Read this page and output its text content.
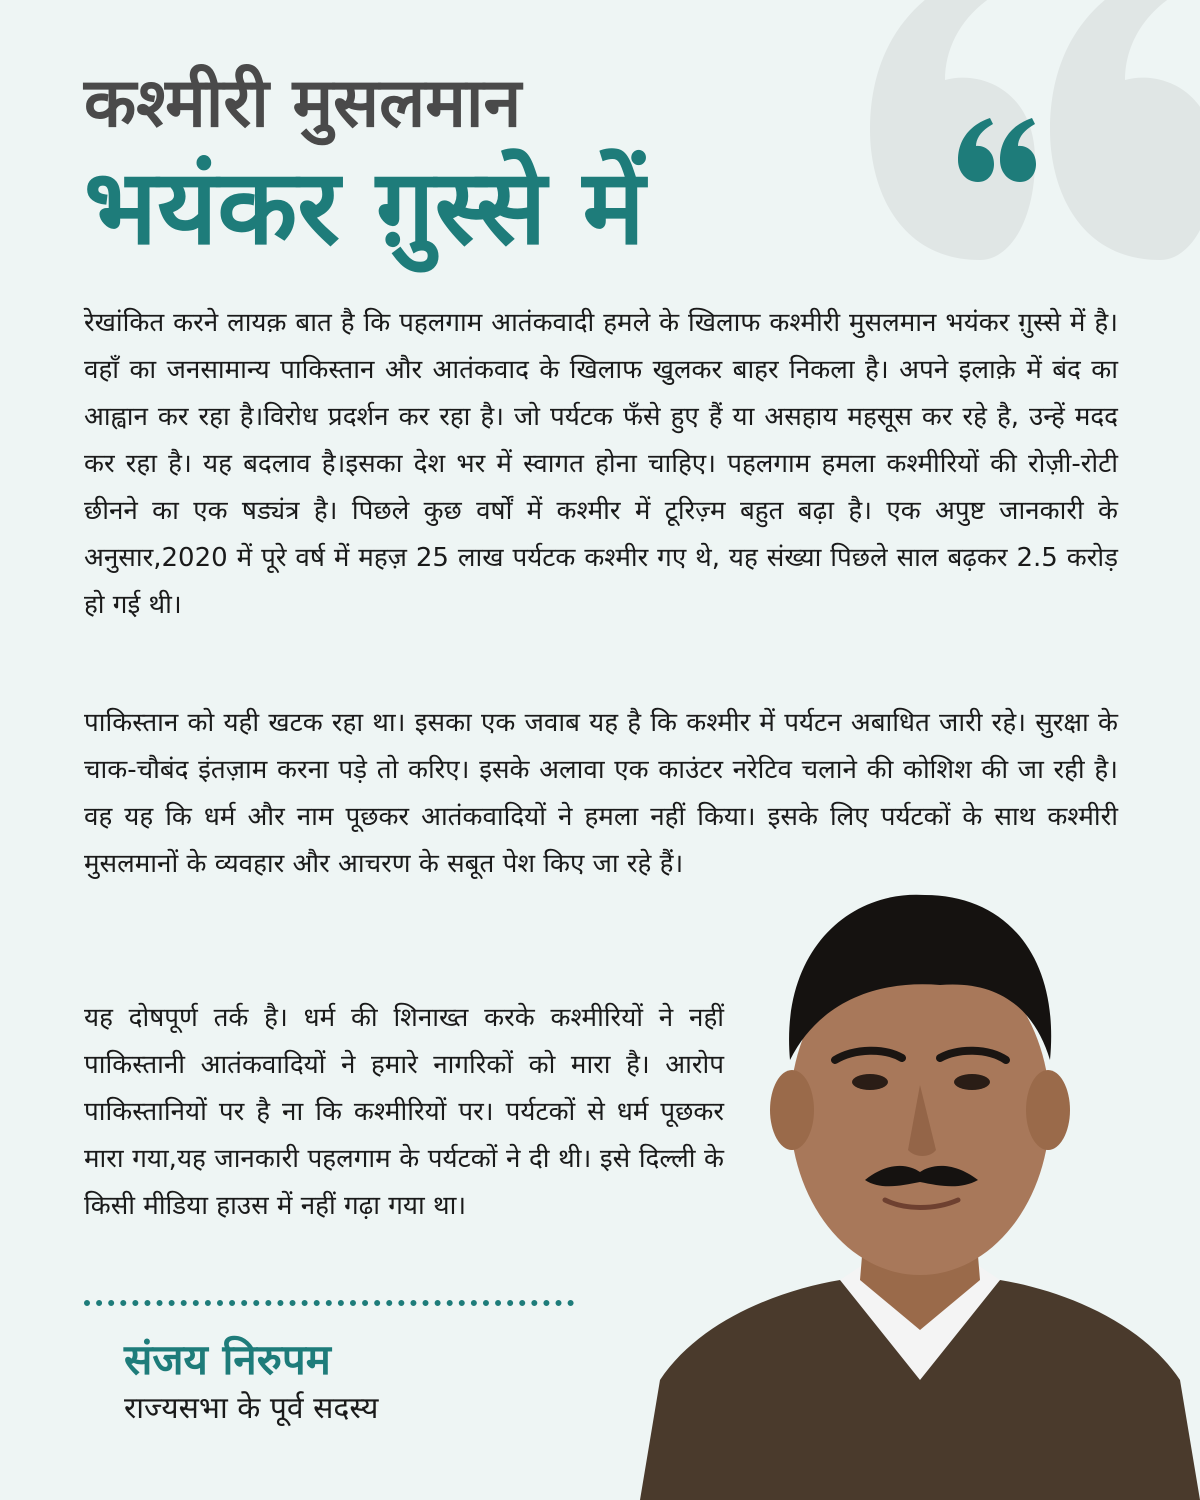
कश्मीरी मुसलमान
भयंकर ग़ुस्से में
रेखांकित करने लायक़ बात है कि पहलगाम आतंकवादी हमले के खिलाफ कश्मीरी मुसलमान भयंकर ग़ुस्से में है। वहाँ का जनसामान्य पाकिस्तान और आतंकवाद के खिलाफ खुलकर बाहर निकला है। अपने इलाक़े में बंद का आह्वान कर रहा है।विरोध प्रदर्शन कर रहा है। जो पर्यटक फँसे हुए हैं या असहाय महसूस कर रहे है, उन्हें मदद कर रहा है। यह बदलाव है।इसका देश भर में स्वागत होना चाहिए। पहलगाम हमला कश्मीरियों की रोज़ी-रोटी छीनने का एक षड्यंत्र है। पिछले कुछ वर्षों में कश्मीर में टूरिज़्म बहुत बढ़ा है। एक अपुष्ट जानकारी के अनुसार,2020 में पूरे वर्ष में महज़ 25 लाख पर्यटक कश्मीर गए थे, यह संख्या पिछले साल बढ़कर 2.5 करोड़ हो गई थी।
पाकिस्तान को यही खटक रहा था। इसका एक जवाब यह है कि कश्मीर में पर्यटन अबाधित जारी रहे। सुरक्षा के चाक-चौबंद इंतज़ाम करना पड़े तो करिए। इसके अलावा एक काउंटर नरेटिव चलाने की कोशिश की जा रही है। वह यह कि धर्म और नाम पूछकर आतंकवादियों ने हमला नहीं किया। इसके लिए पर्यटकों के साथ कश्मीरी मुसलमानों के व्यवहार और आचरण के सबूत पेश किए जा रहे हैं।
यह दोषपूर्ण तर्क है। धर्म की शिनाख्त करके कश्मीरियों ने नहीं पाकिस्तानी आतंकवादियों ने हमारे नागरिकों को मारा है। आरोप पाकिस्तानियों पर है ना कि कश्मीरियों पर। पर्यटकों से धर्म पूछकर मारा गया,यह जानकारी पहलगाम के पर्यटकों ने दी थी। इसे दिल्ली के किसी मीडिया हाउस में नहीं गढ़ा गया था।
संजय निरुपम
राज्यसभा के पूर्व सदस्य
